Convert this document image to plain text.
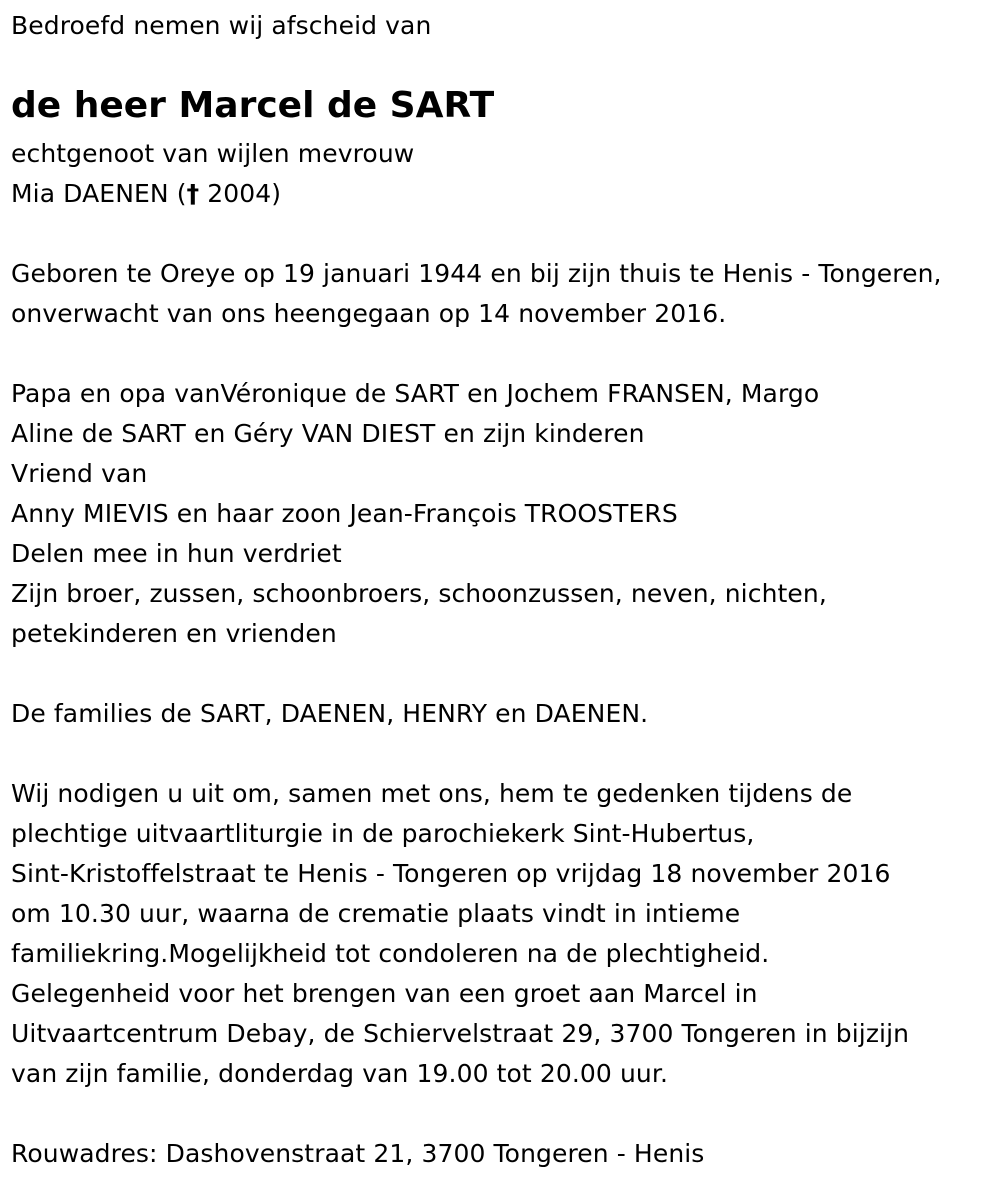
Bedroefd nemen wij afscheid van
de heer Marcel de SART
echtgenoot van wijlen mevrouw
Mia DAENEN († 2004)
Geboren te Oreye op 19 januari 1944 en bij zijn thuis te Henis - Tongeren,
onverwacht van ons heengegaan op 14 november 2016.
Papa en opa vanVéronique de SART en Jochem FRANSEN, Margo
Aline de SART en Géry VAN DIEST en zijn kinderen
Vriend van
Anny MIEVIS en haar zoon Jean-François TROOSTERS
Delen mee in hun verdriet
Zijn broer, zussen, schoonbroers, schoonzussen, neven, nichten,
petekinderen en vrienden
De families de SART, DAENEN, HENRY en DAENEN.
Wij nodigen u uit om, samen met ons, hem te gedenken tijdens de
plechtige uitvaartliturgie in de parochiekerk Sint-Hubertus,
Sint-Kristoffelstraat te Henis - Tongeren op vrijdag 18 november 2016
om 10.30 uur, waarna de crematie plaats vindt in intieme
familiekring.Mogelijkheid tot condoleren na de plechtigheid.
Gelegenheid voor het brengen van een groet aan Marcel in
Uitvaartcentrum Debay, de Schiervelstraat 29, 3700 Tongeren in bijzijn
van zijn familie, donderdag van 19.00 tot 20.00 uur.
Rouwadres: Dashovenstraat 21, 3700 Tongeren - Henis
